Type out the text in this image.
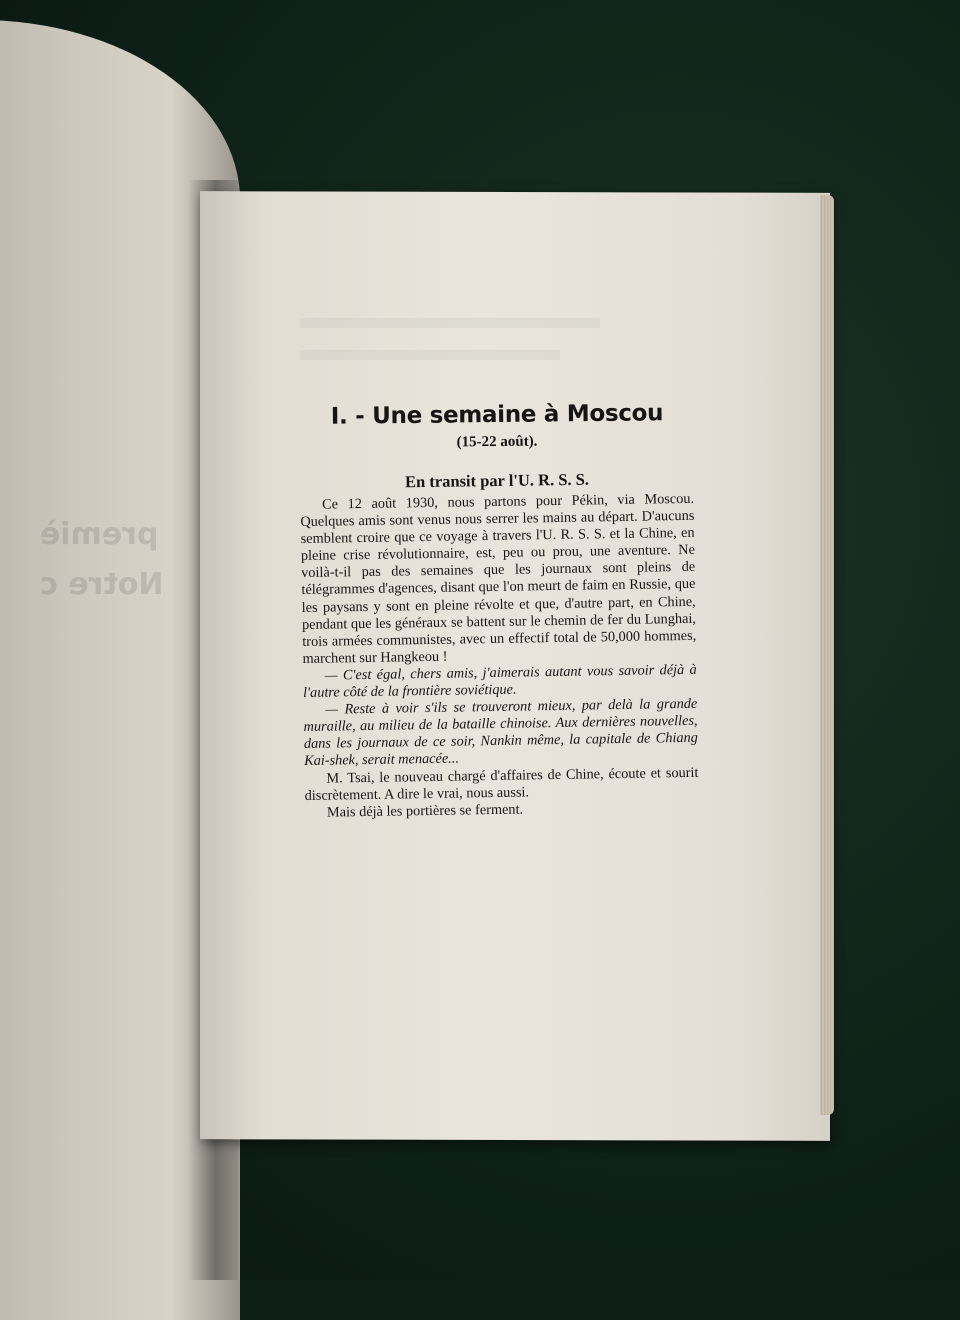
premiè
Notre c
I. - Une semaine à Moscou
(15-22 août).
En transit par l'U. R. S. S.

Ce 12 août 1930, nous partons pour Pékin, via Moscou. Quelques amis sont venus nous serrer les mains au départ. D'aucuns semblent croire que ce voyage à travers l'U. R. S. S. et la Chine, en pleine crise révolutionnaire, est, peu ou prou, une aventure. Ne voilà-t-il pas des semaines que les journaux sont pleins de télégrammes d'agences, disant que l'on meurt de faim en Russie, que les paysans y sont en pleine révolte et que, d'autre part, en Chine, pendant que les généraux se battent sur le chemin de fer du Lunghai, trois armées communistes, avec un effectif total de 50,000 hommes, marchent sur Hangkeou !

— C'est égal, chers amis, j'aimerais autant vous savoir déjà à l'autre côté de la frontière soviétique.

— Reste à voir s'ils se trouveront mieux, par delà la grande muraille, au milieu de la bataille chinoise. Aux dernières nouvelles, dans les journaux de ce soir, Nankin même, la capitale de Chiang Kai-shek, serait menacée...

M. Tsai, le nouveau chargé d'affaires de Chine, écoute et sourit discrètement. A dire le vrai, nous aussi.

Mais déjà les portières se ferment.
